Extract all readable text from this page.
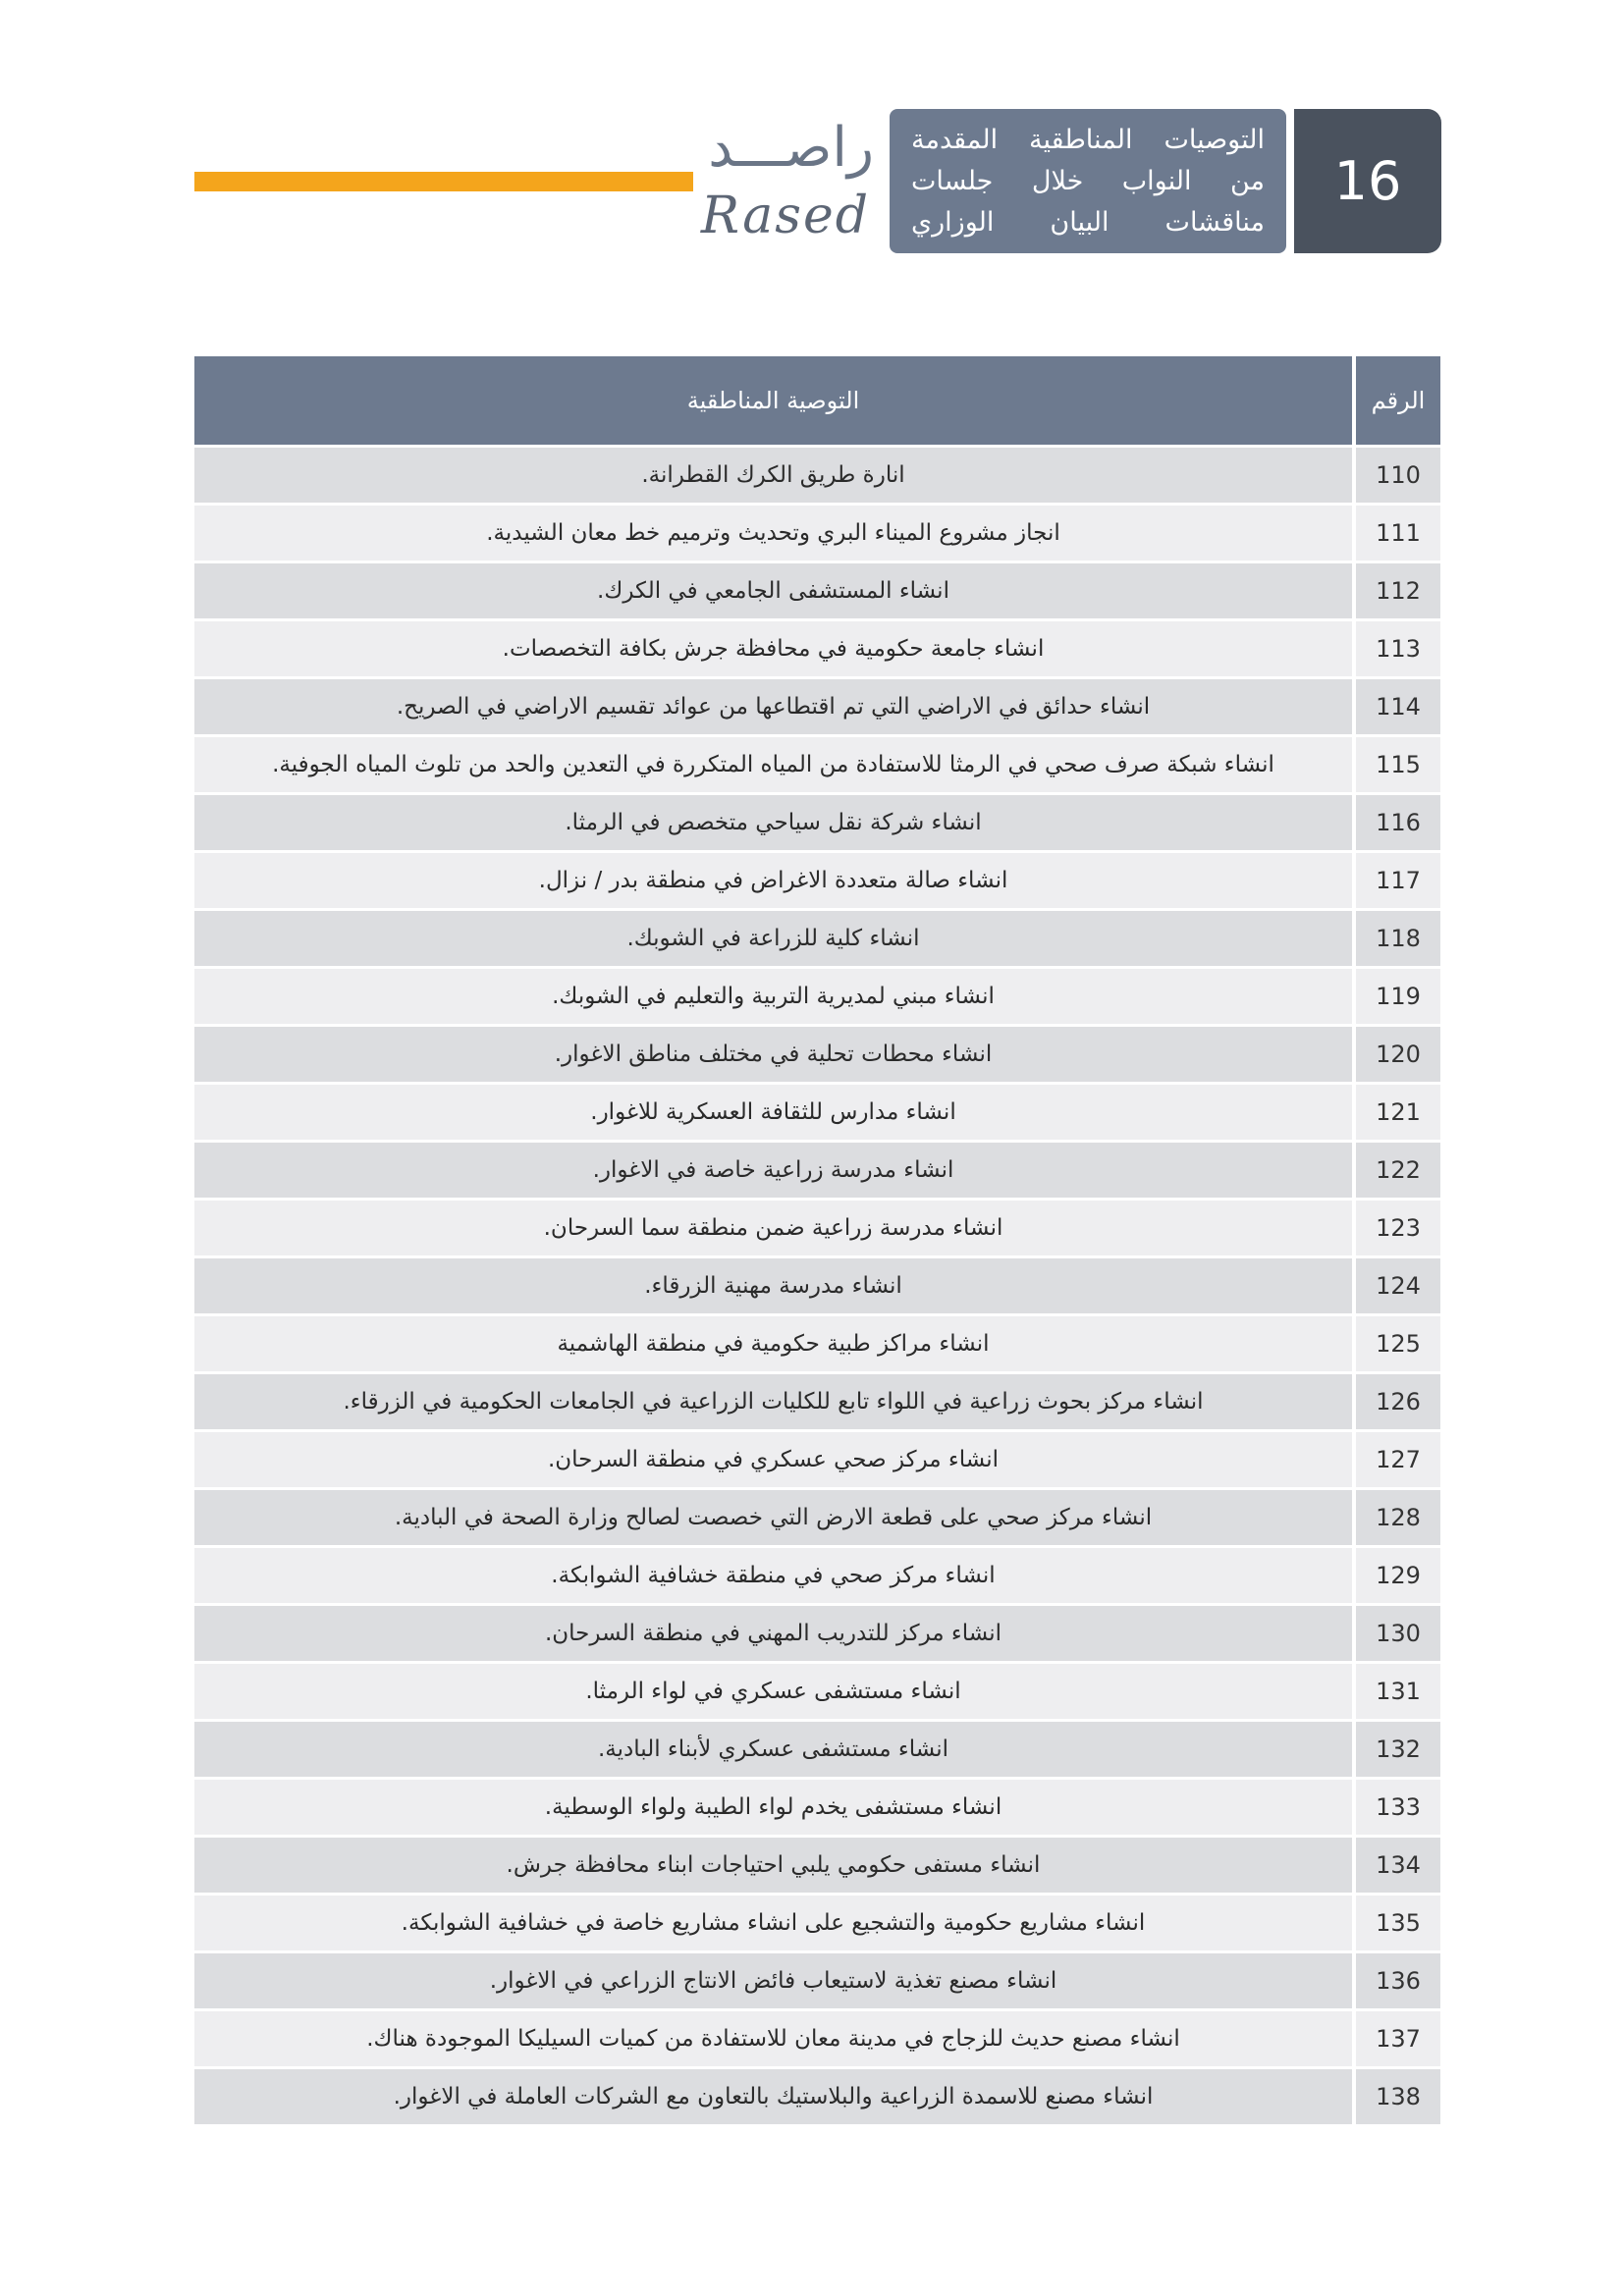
راصـــد
Rased
التوصيات المناطقية المقدمة
من النواب خلال جلسات
مناقشات البيان الوزاري
16
الرقم
التوصية المناطقية
110
انارة طريق الكرك القطرانة.
111
انجاز مشروع الميناء البري وتحديث وترميم خط معان الشيدية.
112
انشاء المستشفى الجامعي في الكرك.
113
انشاء جامعة حكومية في محافظة جرش بكافة التخصصات.
114
انشاء حدائق في الاراضي التي تم اقتطاعها من عوائد تقسيم الاراضي في الصريح.
115
انشاء شبكة صرف صحي في الرمثا للاستفادة من المياه المتكررة في التعدين والحد من تلوث المياه الجوفية.
116
انشاء شركة نقل سياحي متخصص في الرمثا.
117
انشاء صالة متعددة الاغراض في منطقة بدر / نزال.
118
انشاء كلية للزراعة في الشوبك.
119
انشاء مبني لمديرية التربية والتعليم في الشوبك.
120
انشاء محطات تحلية في مختلف مناطق الاغوار.
121
انشاء مدارس للثقافة العسكرية للاغوار.
122
انشاء مدرسة زراعية خاصة في الاغوار.
123
انشاء مدرسة زراعية ضمن منطقة سما السرحان.
124
انشاء مدرسة مهنية الزرقاء.
125
انشاء مراكز طبية حكومية في منطقة الهاشمية
126
انشاء مركز بحوث زراعية في اللواء تابع للكليات الزراعية في الجامعات الحكومية في الزرقاء.
127
انشاء مركز صحي عسكري في منطقة السرحان.
128
انشاء مركز صحي على قطعة الارض التي خصصت لصالح وزارة الصحة في البادية.
129
انشاء مركز صحي في منطقة خشافية الشوابكة.
130
انشاء مركز للتدريب المهني في منطقة السرحان.
131
انشاء مستشفى عسكري في لواء الرمثا.
132
انشاء مستشفى عسكري لأبناء البادية.
133
انشاء مستشفى يخدم لواء الطيبة ولواء الوسطية.
134
انشاء مستفى حكومي يلبي احتياجات ابناء محافظة جرش.
135
انشاء مشاريع حكومية والتشجيع على انشاء مشاريع خاصة في خشافية الشوابكة.
136
انشاء مصنع تغذية لاستيعاب فائض الانتاج الزراعي في الاغوار.
137
انشاء مصنع حديث للزجاج في مدينة معان للاستفادة من كميات السيليكا الموجودة هناك.
138
انشاء مصنع للاسمدة الزراعية والبلاستيك بالتعاون مع الشركات العاملة في الاغوار.
